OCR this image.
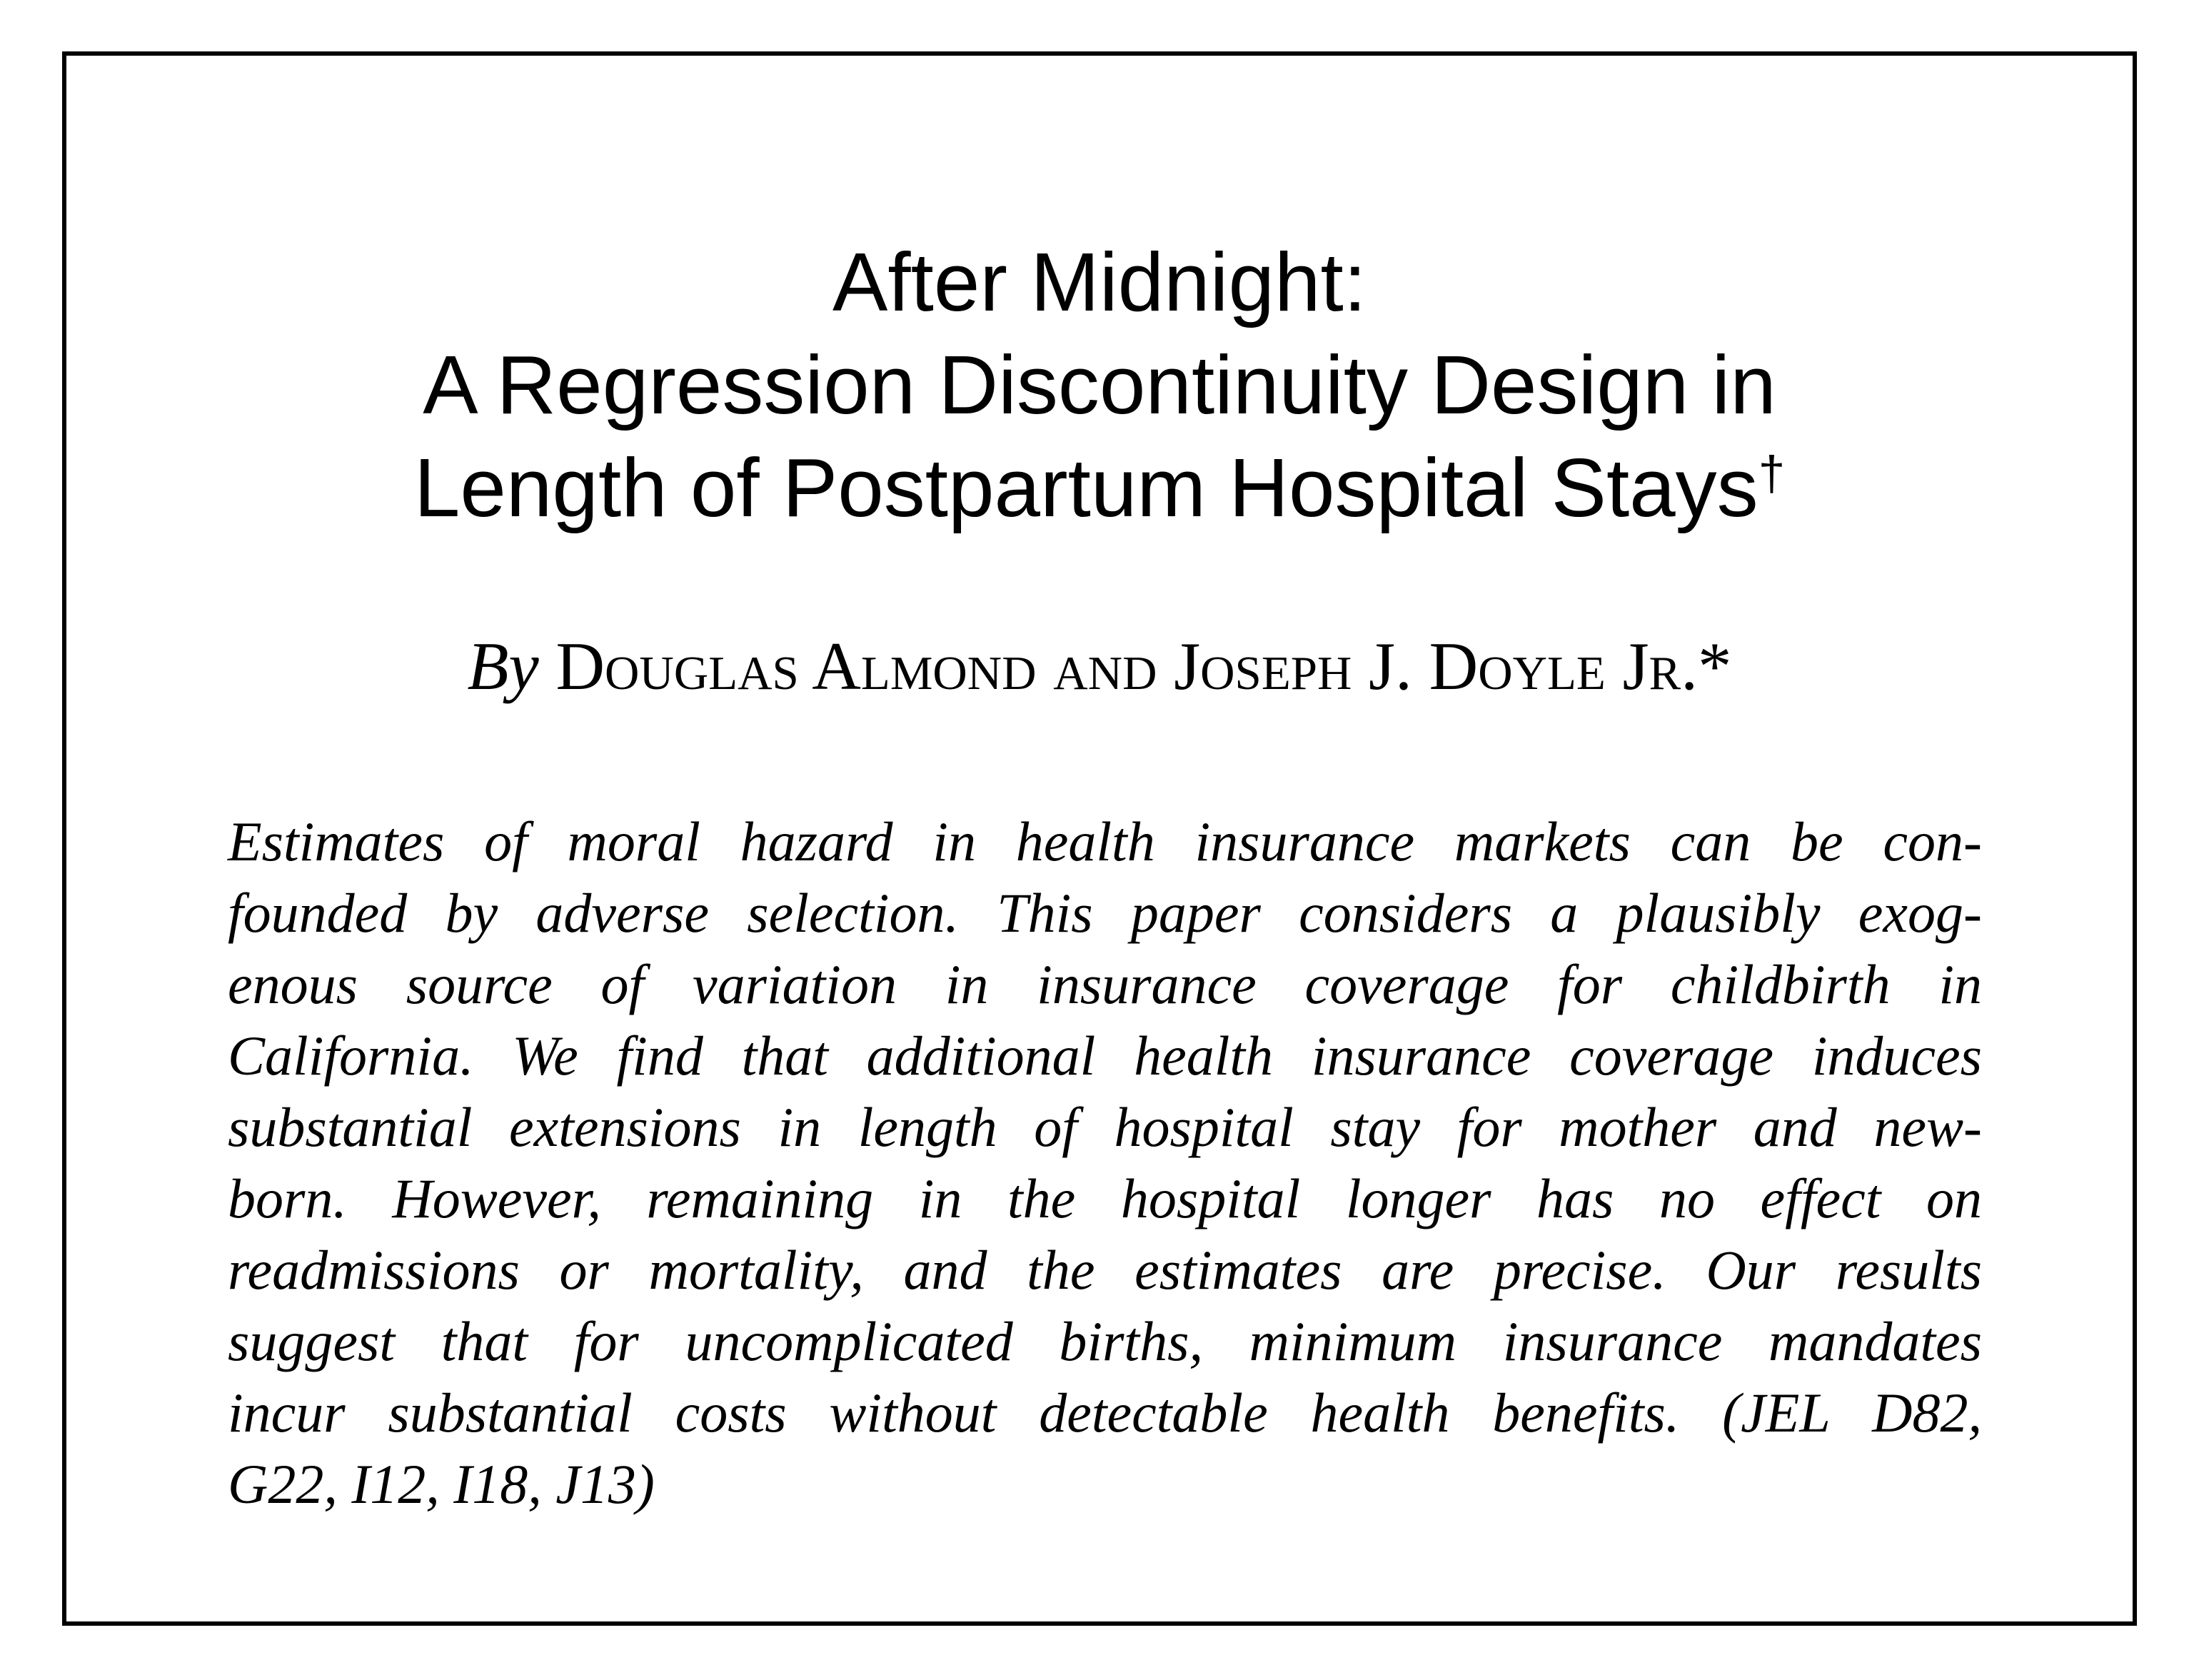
After Midnight:
A Regression Discontinuity Design in
Length of Postpartum Hospital Stays†
By Douglas Almond and Joseph J. Doyle Jr.*
Estimates of moral hazard in health insurance markets can be con-
founded by adverse selection. This paper considers a plausibly exog-
enous source of variation in insurance coverage for childbirth in
California. We find that additional health insurance coverage induces
substantial extensions in length of hospital stay for mother and new-
born. However, remaining in the hospital longer has no effect on
readmissions or mortality, and the estimates are precise. Our results
suggest that for uncomplicated births, minimum insurance mandates
incur substantial costs without detectable health benefits. (JEL D82,
G22, I12, I18, J13)
